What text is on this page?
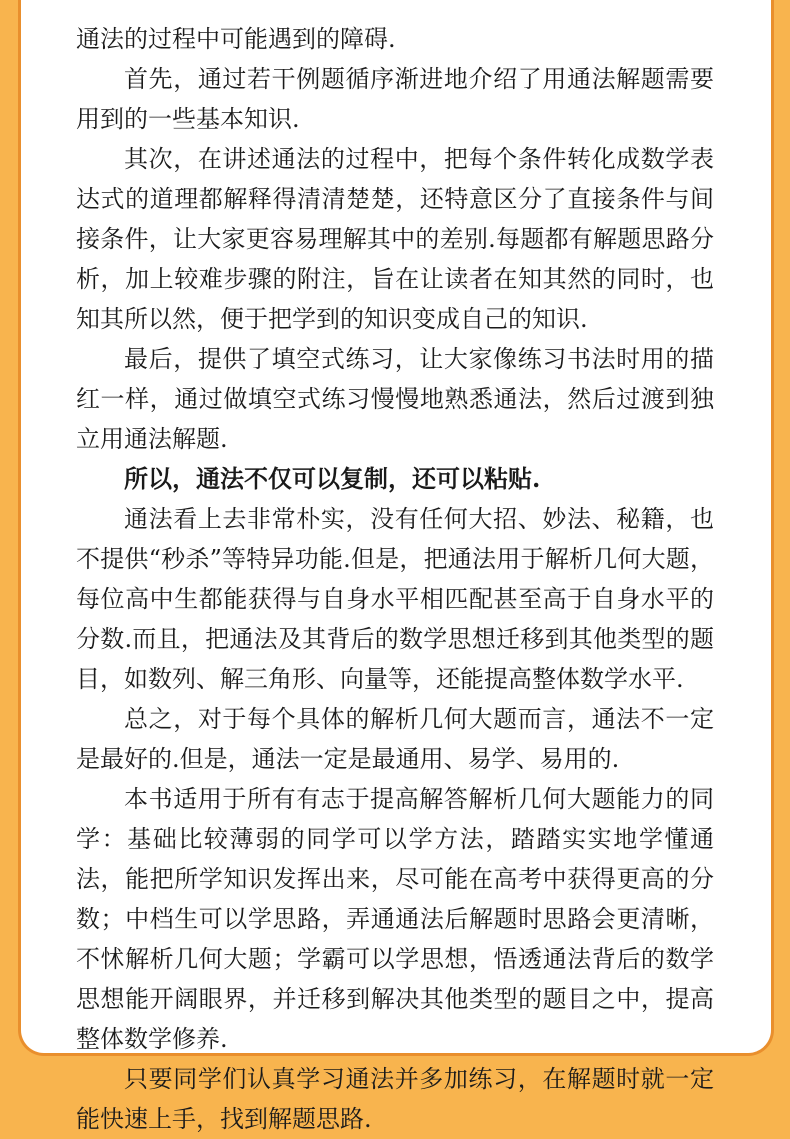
通法的过程中可能遇到的障碍.

首先，通过若干例题循序渐进地介绍了用通法解题需要用到的一些基本知识.

其次，在讲述通法的过程中，把每个条件转化成数学表达式的道理都解释得清清楚楚，还特意区分了直接条件与间接条件，让大家更容易理解其中的差别.每题都有解题思路分析，加上较难步骤的附注，旨在让读者在知其然的同时，也知其所以然，便于把学到的知识变成自己的知识.

最后，提供了填空式练习，让大家像练习书法时用的描红一样，通过做填空式练习慢慢地熟悉通法，然后过渡到独立用通法解题.

所以，通法不仅可以复制，还可以粘贴.

通法看上去非常朴实，没有任何大招、妙法、秘籍，也不提供“秒杀”等特异功能.但是，把通法用于解析几何大题，每位高中生都能获得与自身水平相匹配甚至高于自身水平的分数.而且，把通法及其背后的数学思想迁移到其他类型的题目，如数列、解三角形、向量等，还能提高整体数学水平.

总之，对于每个具体的解析几何大题而言，通法不一定是最好的.但是，通法一定是最通用、易学、易用的.

本书适用于所有有志于提高解答解析几何大题能力的同学：基础比较薄弱的同学可以学方法，踏踏实实地学懂通法，能把所学知识发挥出来，尽可能在高考中获得更高的分数；中档生可以学思路，弄通通法后解题时思路会更清晰，不怵解析几何大题；学霸可以学思想，悟透通法背后的数学思想能开阔眼界，并迁移到解决其他类型的题目之中，提高整体数学修养.

只要同学们认真学习通法并多加练习，在解题时就一定能快速上手，找到解题思路.
